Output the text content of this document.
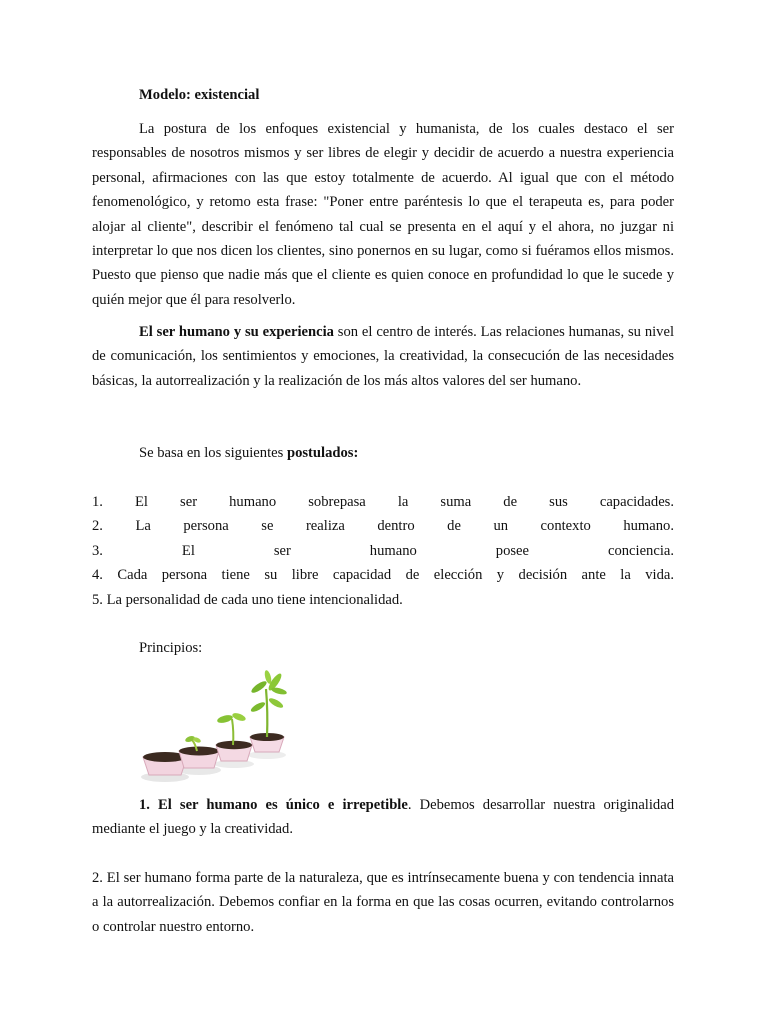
Modelo: existencial
La postura de los enfoques existencial y humanista, de los cuales destaco el ser responsables de nosotros mismos y ser libres de elegir y decidir de acuerdo a nuestra experiencia personal, afirmaciones con las que estoy totalmente de acuerdo. Al igual que con el método fenomenológico, y retomo esta frase: "Poner entre paréntesis lo que el terapeuta es, para poder alojar al cliente", describir el fenómeno tal cual se presenta en el aquí y el ahora, no juzgar ni interpretar lo que nos dicen los clientes, sino ponernos en su lugar, como si fuéramos ellos mismos. Puesto que pienso que nadie más que el cliente es quien conoce en profundidad lo que le sucede y quién mejor que él para resolverlo.
El ser humano y su experiencia son el centro de interés. Las relaciones humanas, su nivel de comunicación, los sentimientos y emociones, la creatividad, la consecución de las necesidades básicas, la autorrealización y la realización de los más altos valores del ser humano.
Se basa en los siguientes postulados:
1. El ser humano sobrepasa la suma de sus capacidades.
2. La persona se realiza dentro de un contexto humano.
3. El ser humano posee conciencia.
4. Cada persona tiene su libre capacidad de elección y decisión ante la vida.
5. La personalidad de cada uno tiene intencionalidad.
Principios:
1. El ser humano es único e irrepetible. Debemos desarrollar nuestra originalidad mediante el juego y la creatividad.
2. El ser humano forma parte de la naturaleza, que es intrínsecamente buena y con tendencia innata a la autorrealización. Debemos confiar en la forma en que las cosas ocurren, evitando controlarnos o controlar nuestro entorno.
